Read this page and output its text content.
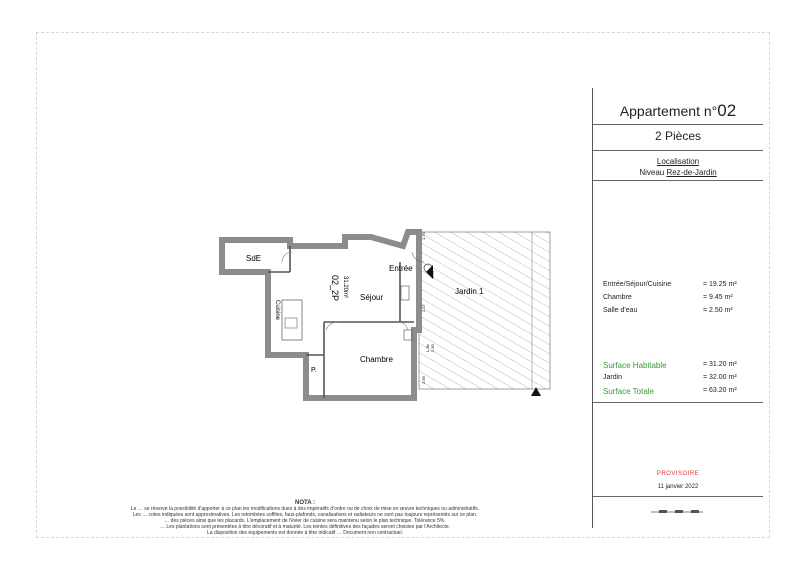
SdE
Entrée
Séjour
Jardin 1
Chambre
P.
Cuisine
02_2P 31.20m²
1.75
2.27
2.69
L.3b
2.37
2.50
Appartement n°02
2 Pièces
Localisation
Niveau Rez-de-Jardin
Entrée/Séjour/Cuisine	= 19.25 m²
Chambre	= 9.45 m²
Salle d'eau	= 2.50 m²
Surface Habitable	= 31.20 m²
Jardin	= 32.00 m²
Surface Totale	= 63.20 m²
PROVISOIRE
11 janvier 2022
NOTA :
Le … se réserve la possibilité d'apporter à ce plan les modifications dues à des impératifs d'ordre ou de choix de mise en œuvre techniques ou administratifs.
Les … cotes indiquées sont approximatives. Les retombées soffites, faux-plafonds, canalisations et radiateurs ne sont pas toujours représentés sur ce plan.
… des pièces ainsi que les placards. L'emplacement de l'évier de cuisine sera maintenu selon le plan technique. Tolérance 5%.
… Les plantations sont présentées à titre décoratif et à maturité. Les teintes définitives des façades seront choisies par l'Architecte.
La disposition des équipements est donnée à titre indicatif … Document non contractuel.
